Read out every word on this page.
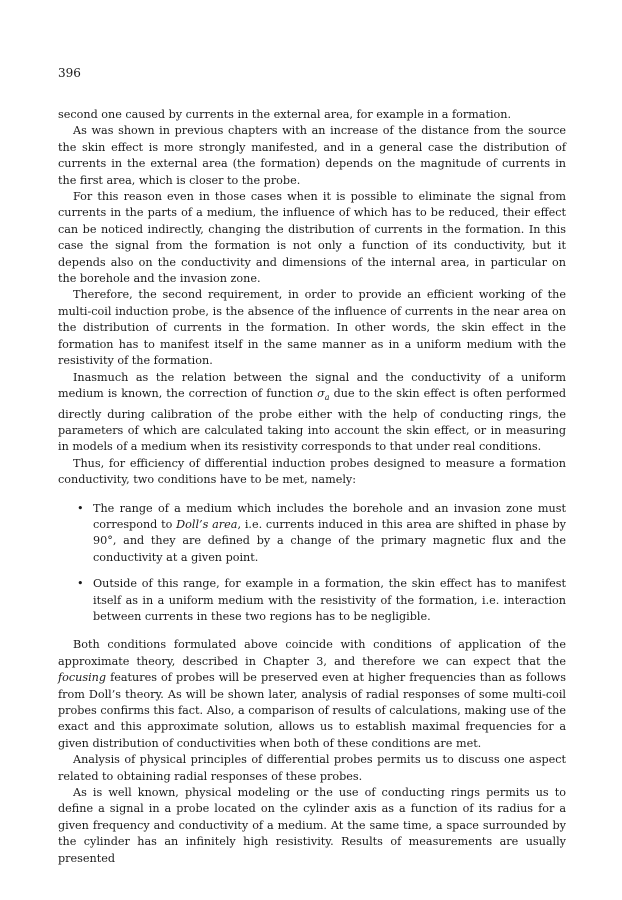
396

second one caused by currents in the external area, for example in a formation.

As was shown in previous chapters with an increase of the distance from the source the skin effect is more strongly manifested, and in a general case the distribution of currents in the external area (the formation) depends on the magnitude of currents in the first area, which is closer to the probe.

For this reason even in those cases when it is possible to eliminate the signal from currents in the parts of a medium, the influence of which has to be reduced, their effect can be noticed indirectly, changing the distribution of currents in the formation. In this case the signal from the formation is not only a function of its conductivity, but it depends also on the conductivity and dimensions of the internal area, in particular on the borehole and the invasion zone.

Therefore, the second requirement, in order to provide an efficient working of the multi-coil induction probe, is the absence of the influence of currents in the near area on the distribution of currents in the formation. In other words, the skin effect in the formation has to manifest itself in the same manner as in a uniform medium with the resistivity of the formation.

Inasmuch as the relation between the signal and the conductivity of a uniform medium is known, the correction of function $\sigma_a$ due to the skin effect is often performed directly during calibration of the probe either with the help of conducting rings, the parameters of which are calculated taking into account the skin effect, or in measuring in models of a medium when its resistivity corresponds to that under real conditions.

Thus, for efficiency of differential induction probes designed to measure a formation conductivity, two conditions have to be met, namely:

• The range of a medium which includes the borehole and an invasion zone must correspond to Doll’s area, i.e. currents induced in this area are shifted in phase by 90°, and they are defined by a change of the primary magnetic flux and the conductivity at a given point.
• Outside of this range, for example in a formation, the skin effect has to manifest itself as in a uniform medium with the resistivity of the formation, i.e. interaction between currents in these two regions has to be negligible.

Both conditions formulated above coincide with conditions of application of the approximate theory, described in Chapter 3, and therefore we can expect that the focusing features of probes will be preserved even at higher frequencies than as follows from Doll’s theory. As will be shown later, analysis of radial responses of some multi-coil probes confirms this fact. Also, a comparison of results of calculations, making use of the exact and this approximate solution, allows us to establish maximal frequencies for a given distribution of conductivities when both of these conditions are met.

Analysis of physical principles of differential probes permits us to discuss one aspect related to obtaining radial responses of these probes.

As is well known, physical modeling or the use of conducting rings permits us to define a signal in a probe located on the cylinder axis as a function of its radius for a given frequency and conductivity of a medium. At the same time, a space surrounded by the cylinder has an infinitely high resistivity. Results of measurements are usually presented
